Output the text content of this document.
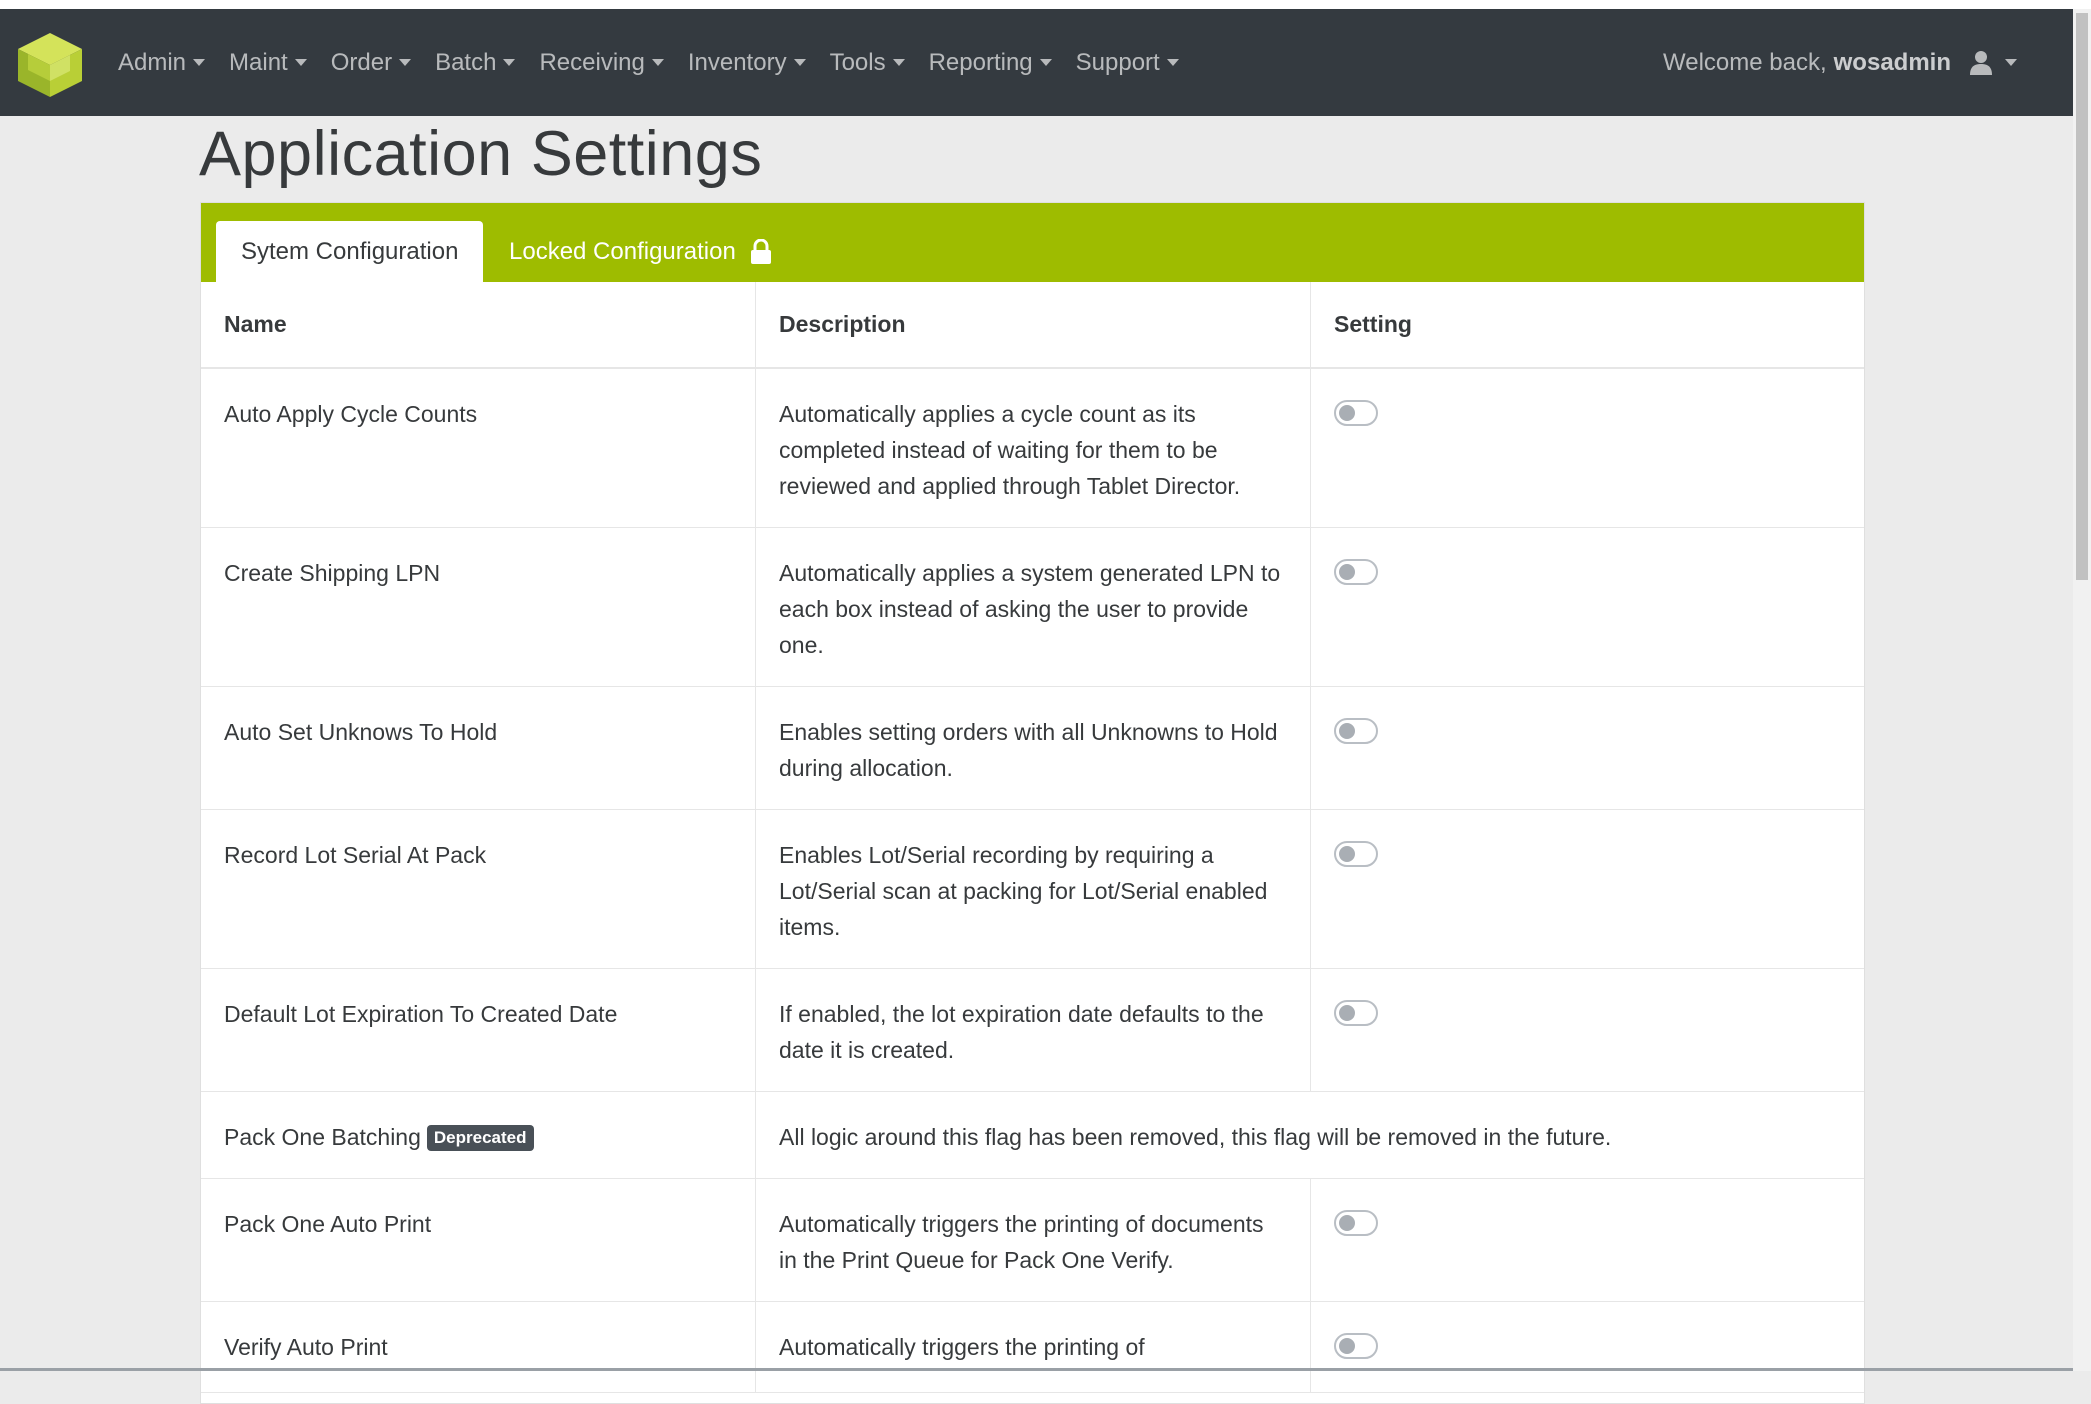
Admin Maint Order Batch Receiving Inventory Tools Reporting Support	Welcome back, wosadmin
Application Settings
Sytem Configuration Locked Configuration
Name	Description	Setting
Auto Apply Cycle Counts	Automatically applies a cycle count as its completed instead of waiting for them to be reviewed and applied through Tablet Director.	
Create Shipping LPN	Automatically applies a system generated LPN to each box instead of asking the user to provide one.	
Auto Set Unknows To Hold	Enables setting orders with all Unknowns to Hold during allocation.	
Record Lot Serial At Pack	Enables Lot/Serial recording by requiring a Lot/Serial scan at packing for Lot/Serial enabled items.	
Default Lot Expiration To Created Date	If enabled, the lot expiration date defaults to the date it is created.	
Pack One Batching Deprecated	All logic around this flag has been removed, this flag will be removed in the future.	
Pack One Auto Print	Automatically triggers the printing of documents in the Print Queue for Pack One Verify.	
Verify Auto Print	Automatically triggers the printing of	
